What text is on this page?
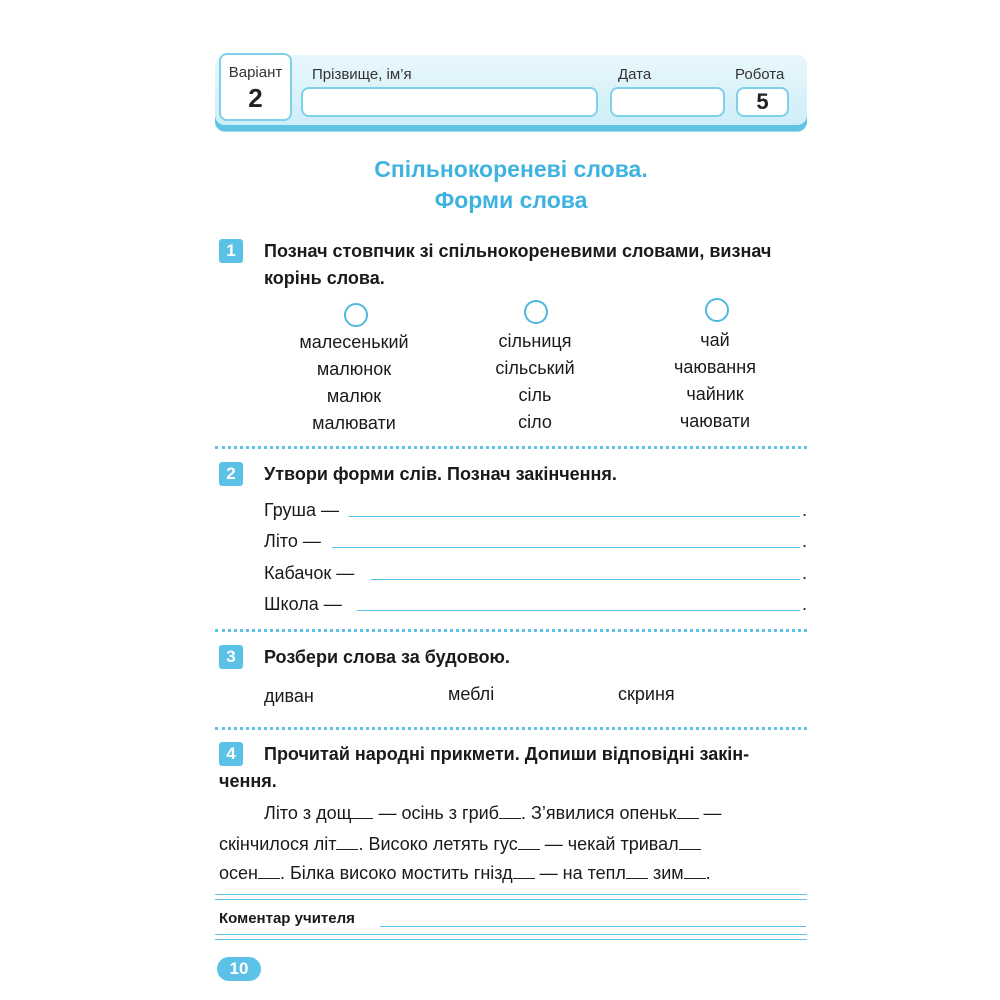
Варіант
2
Прізвище, ім’я	Дата	Робота
5
Спільнокореневі слова.
Форми слова
1	Познач стовпчик зі спільнокореневими словами, визнач
корінь слова.
малесенький
малюнок
малюк
малювати
сільниця
сільський
сіль
сіло
чай
чаювання
чайник
чаювати
2	Утвори форми слів. Познач закінчення.
Груша —	.
Літо —	.
Кабачок —	.
Школа —	.
3	Розбери слова за будовою.
диван	меблі	скриня
4	Прочитай народні прикмети. Допиши відповідні закін-
чення.
Літо з дощ — осінь з гриб . З’явилися опеньк —
скінчилося літ . Високо летять гус — чекай тривал
осен . Білка високо мостить гнізд — на тепл зим .
Коментар учителя
10
